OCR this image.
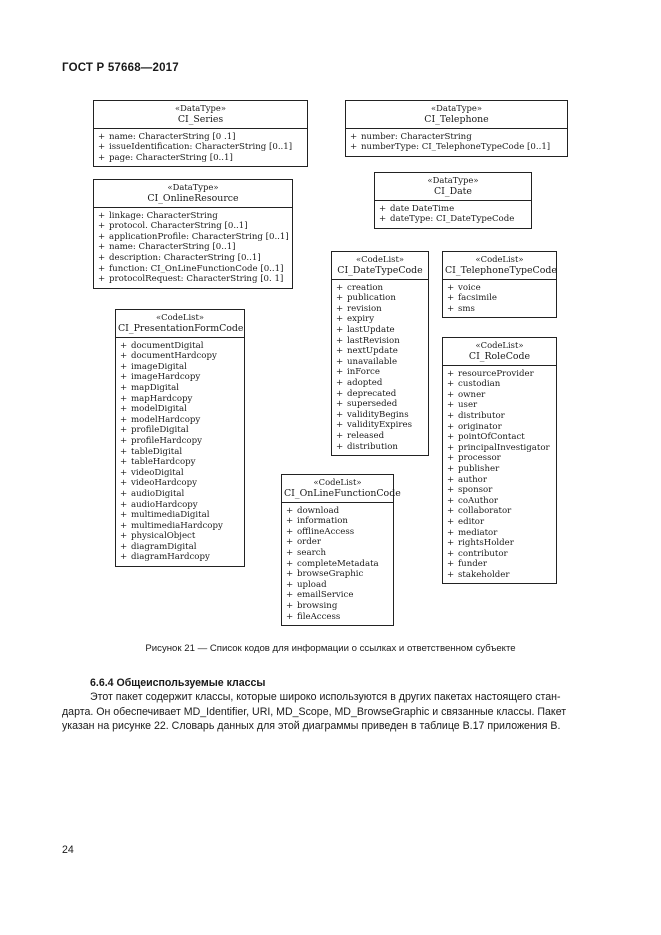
ГОСТ Р 57668—2017
«DataType»
CI_Series
+ name: CharacterString [0 .1]
+ issueIdentification: CharacterString [0..1]
+ page: CharacterString [0..1]
«DataType»
CI_Telephone
+ number: CharacterString
+ numberType: CI_TelephoneTypeCode [0..1]
«DataType»
CI_OnlineResource
+ linkage: CharacterString
+ protocol. CharacterString [0..1]
+ applicationProfile: CharacterString [0..1]
+ name: CharacterString [0..1]
+ description: CharacterString [0..1]
+ function: CI_OnLineFunctionCode [0..1]
+ protocolRequest: CharacterString [0. 1]
«DataType»
CI_Date
+ date DateTime
+ dateType: CI_DateTypeCode
«CodeList»
CI_DateTypeCode
+ creation
+ publication
+ revision
+ expiry
+ lastUpdate
+ lastRevision
+ nextUpdate
+ unavailable
+ inForce
+ adopted
+ deprecated
+ superseded
+ validityBegins
+ validityExpires
+ released
+ distribution
«CodeList»
CI_TelephoneTypeCode
+ voice
+ facsimile
+ sms
«CodeList»
CI_PresentationFormCode
+ documentDigital
+ documentHardcopy
+ imageDigital
+ imageHardcopy
+ mapDigital
+ mapHardcopy
+ modelDigital
+ modelHardcopy
+ profileDigital
+ profileHardcopy
+ tableDigital
+ tableHardcopy
+ videoDigital
+ videoHardcopy
+ audioDigital
+ audioHardcopy
+ multimediaDigital
+ multimediaHardcopy
+ physicalObject
+ diagramDigital
+ diagramHardcopy
«CodeList»
CI_RoleCode
+ resourceProvider
+ custodian
+ owner
+ user
+ distributor
+ originator
+ pointOfContact
+ principalInvestigator
+ processor
+ publisher
+ author
+ sponsor
+ coAuthor
+ collaborator
+ editor
+ mediator
+ rightsHolder
+ contributor
+ funder
+ stakeholder
«CodeList»
CI_OnLineFunctionCode
+ download
+ information
+ offlineAccess
+ order
+ search
+ completeMetadata
+ browseGraphic
+ upload
+ emailService
+ browsing
+ fileAccess
Рисунок 21 — Список кодов для информации о ссылках и ответственном субъекте
6.6.4 Общеиспользуемые классы
Этот пакет содержит классы, которые широко используются в других пакетах настоящего стан-
дарта. Он обеспечивает MD_Identifier, URI, MD_Scope, MD_BrowseGraphic и связанные классы. Пакет
указан на рисунке 22. Словарь данных для этой диаграммы приведен в таблице B.17 приложения B.
24
